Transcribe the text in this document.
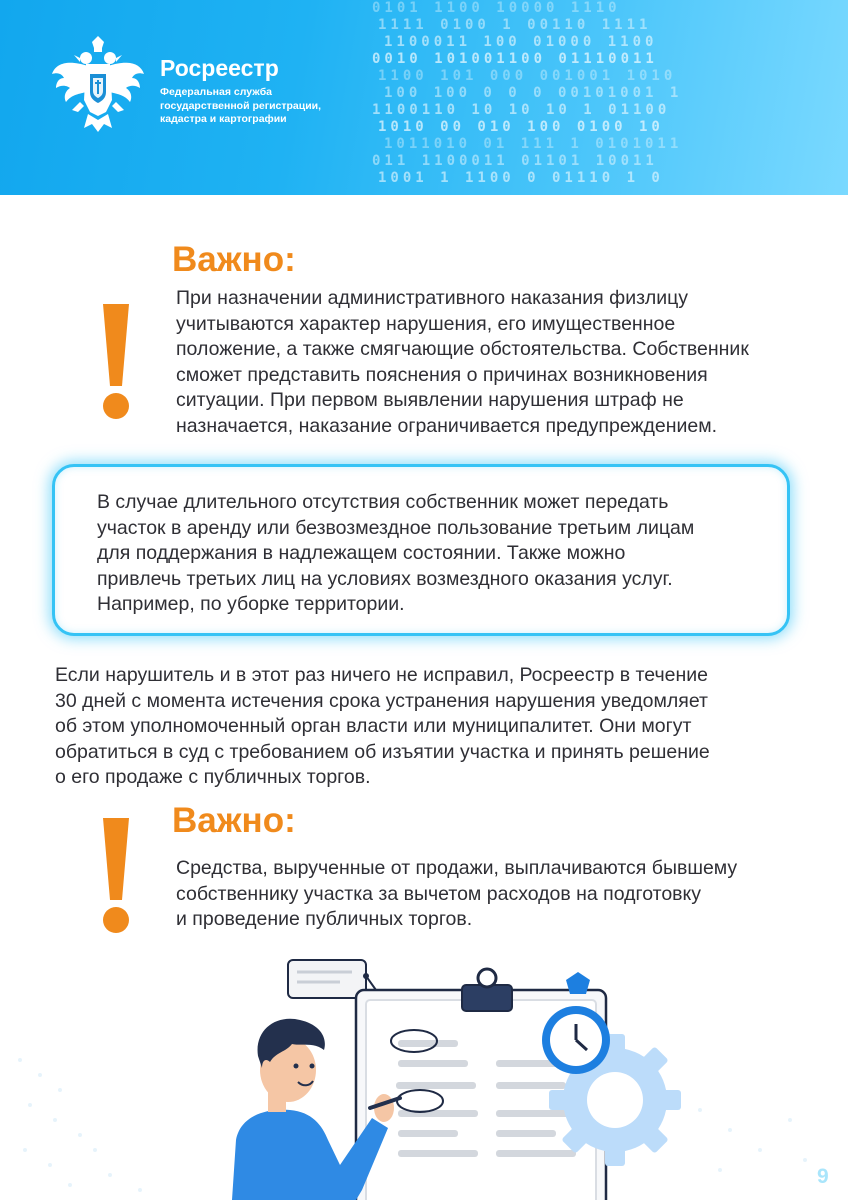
0101 1100 10000 1110
1111 0100 1 00110 1111
1100011 100 01000 1100
0010 101001100 01110011
1100 101 000 001001 1010
100 100 0 0 0 00101001 1
1100110 10 10 10 1 01100
1010 00 010 100 0100 10
1011010 01 111 1 0101011
011 1100011 01101 10011
1001 1 1100 0 01110 1 0

Росреестр

Федеральная служба
государственной регистрации,
кадастра и картографии

Важно:
При назначении административного наказания физлицу
учитываются характер нарушения, его имущественное
положение, а также смягчающие обстоятельства. Собственник
сможет представить пояснения о причинах возникновения
ситуации. При первом выявлении нарушения штраф не
назначается, наказание ограничивается предупреждением.
В случае длительного отсутствия собственник может передать
участок в аренду или безвозмездное пользование третьим лицам
для поддержания в надлежащем состоянии. Также можно
привлечь третьих лиц на условиях возмездного оказания услуг.
Например, по уборке территории.
Если нарушитель и в этот раз ничего не исправил, Росреестр в течение
30 дней с момента истечения срока устранения нарушения уведомляет
об этом уполномоченный орган власти или муниципалитет. Они могут
обратиться в суд с требованием об изъятии участка и принять решение
о его продаже с публичных торгов.
Важно:
Средства, вырученные от продажи, выплачиваются бывшему
собственнику участка за вычетом расходов на подготовку
и проведение публичных торгов.
9
